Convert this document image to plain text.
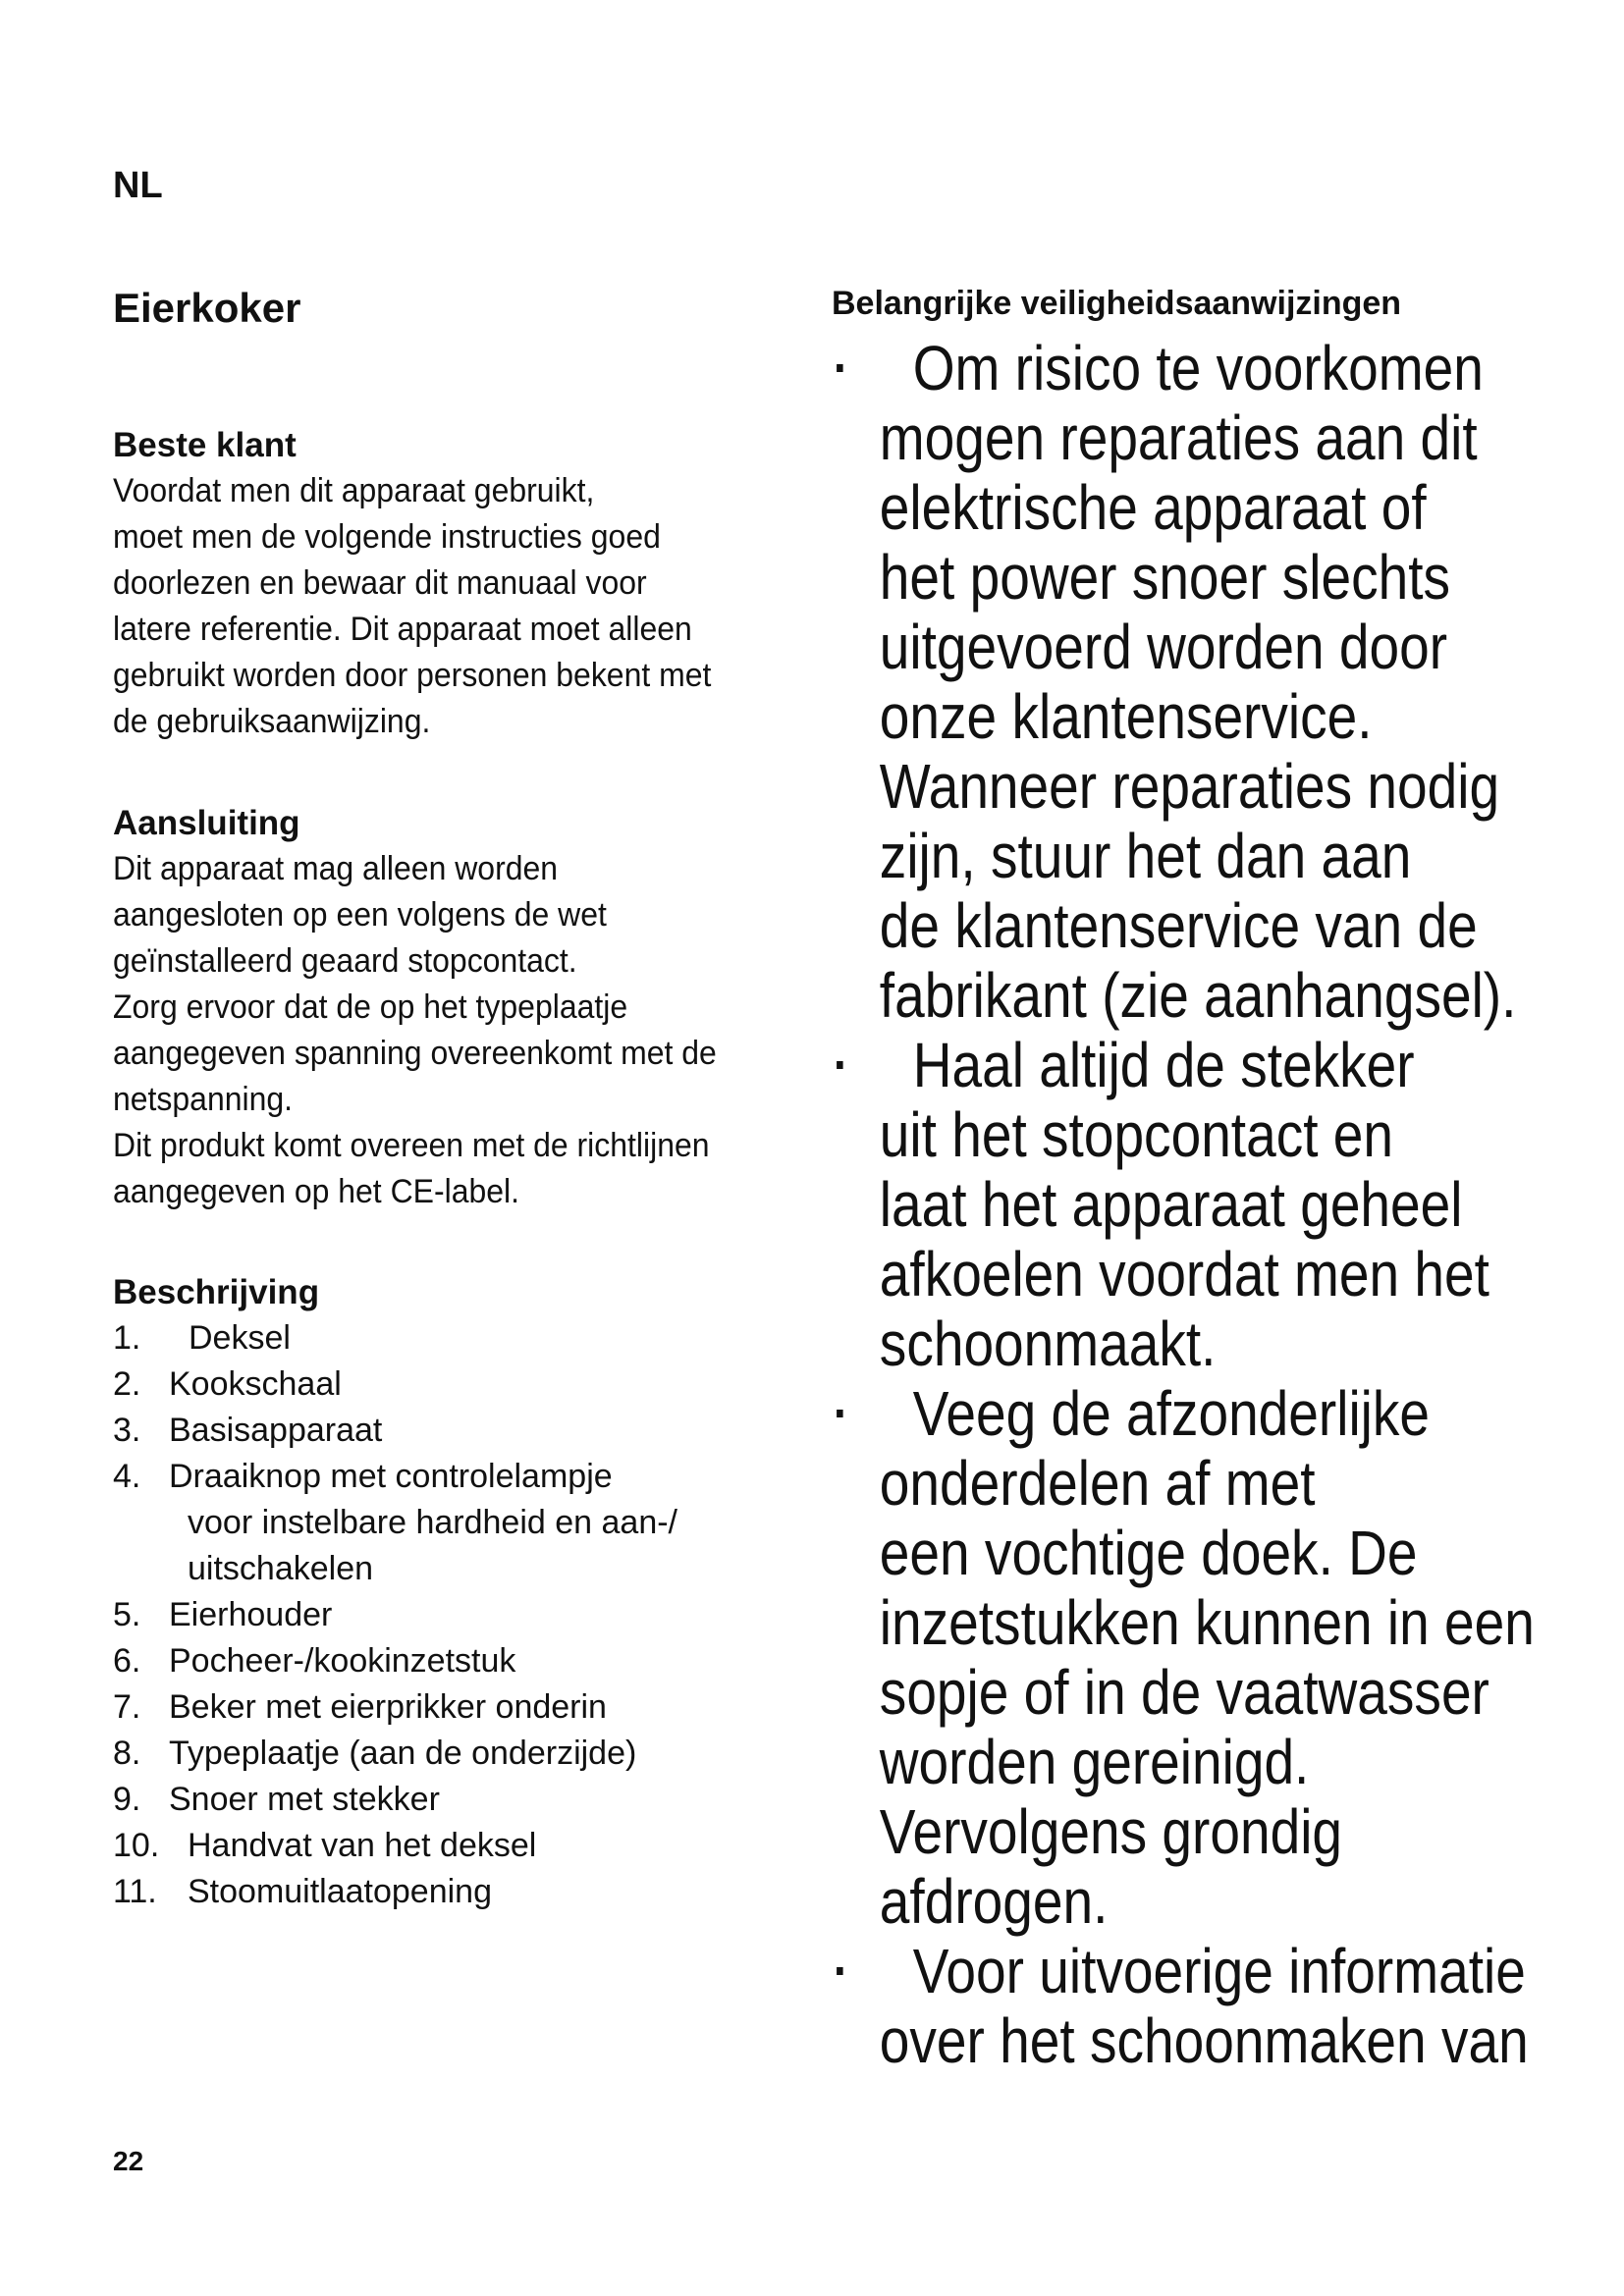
NL
Eierkoker

Beste klant

Voordat men dit apparaat gebruikt,

moet men de volgende instructies goed

doorlezen en bewaar dit manuaal voor

latere referentie. Dit apparaat moet alleen

gebruikt worden door personen bekent met

de gebruiksaanwijzing.

Aansluiting

Dit apparaat mag alleen worden

aangesloten op een volgens de wet

geïnstalleerd geaard stopcontact.

Zorg ervoor dat de op het typeplaatje

aangegeven spanning overeenkomt met de

netspanning.

Dit produkt komt overeen met de richtlijnen

aangegeven op het CE-label.

Beschrijving

1.	Deksel
2. Kookschaal
3. Basisapparaat
4. Draaiknop met controlelampje
voor instelbare hardheid en aan-/
uitschakelen
5. Eierhouder
6. Pocheer-/kookinzetstuk
7. Beker met eierprikker onderin
8. Typeplaatje (aan de onderzijde)
9. Snoer met stekker
10. Handvat van het deksel
11. Stoomuitlaatopening
Belangrijke veiligheidsaanwijzingen
· Om risico te voorkomen
mogen reparaties aan dit
elektrische apparaat of
het power snoer slechts
uitgevoerd worden door
onze klantenservice.
Wanneer reparaties nodig
zijn, stuur het dan aan
de klantenservice van de
fabrikant (zie aanhangsel).
· Haal altijd de stekker
uit het stopcontact en
laat het apparaat geheel
afkoelen voordat men het
schoonmaakt.
· Veeg de afzonderlijke
onderdelen af met
een vochtige doek. De
inzetstukken kunnen in een
sopje of in de vaatwasser
worden gereinigd.
Vervolgens grondig
afdrogen.
· Voor uitvoerige informatie
over het schoonmaken van
22
